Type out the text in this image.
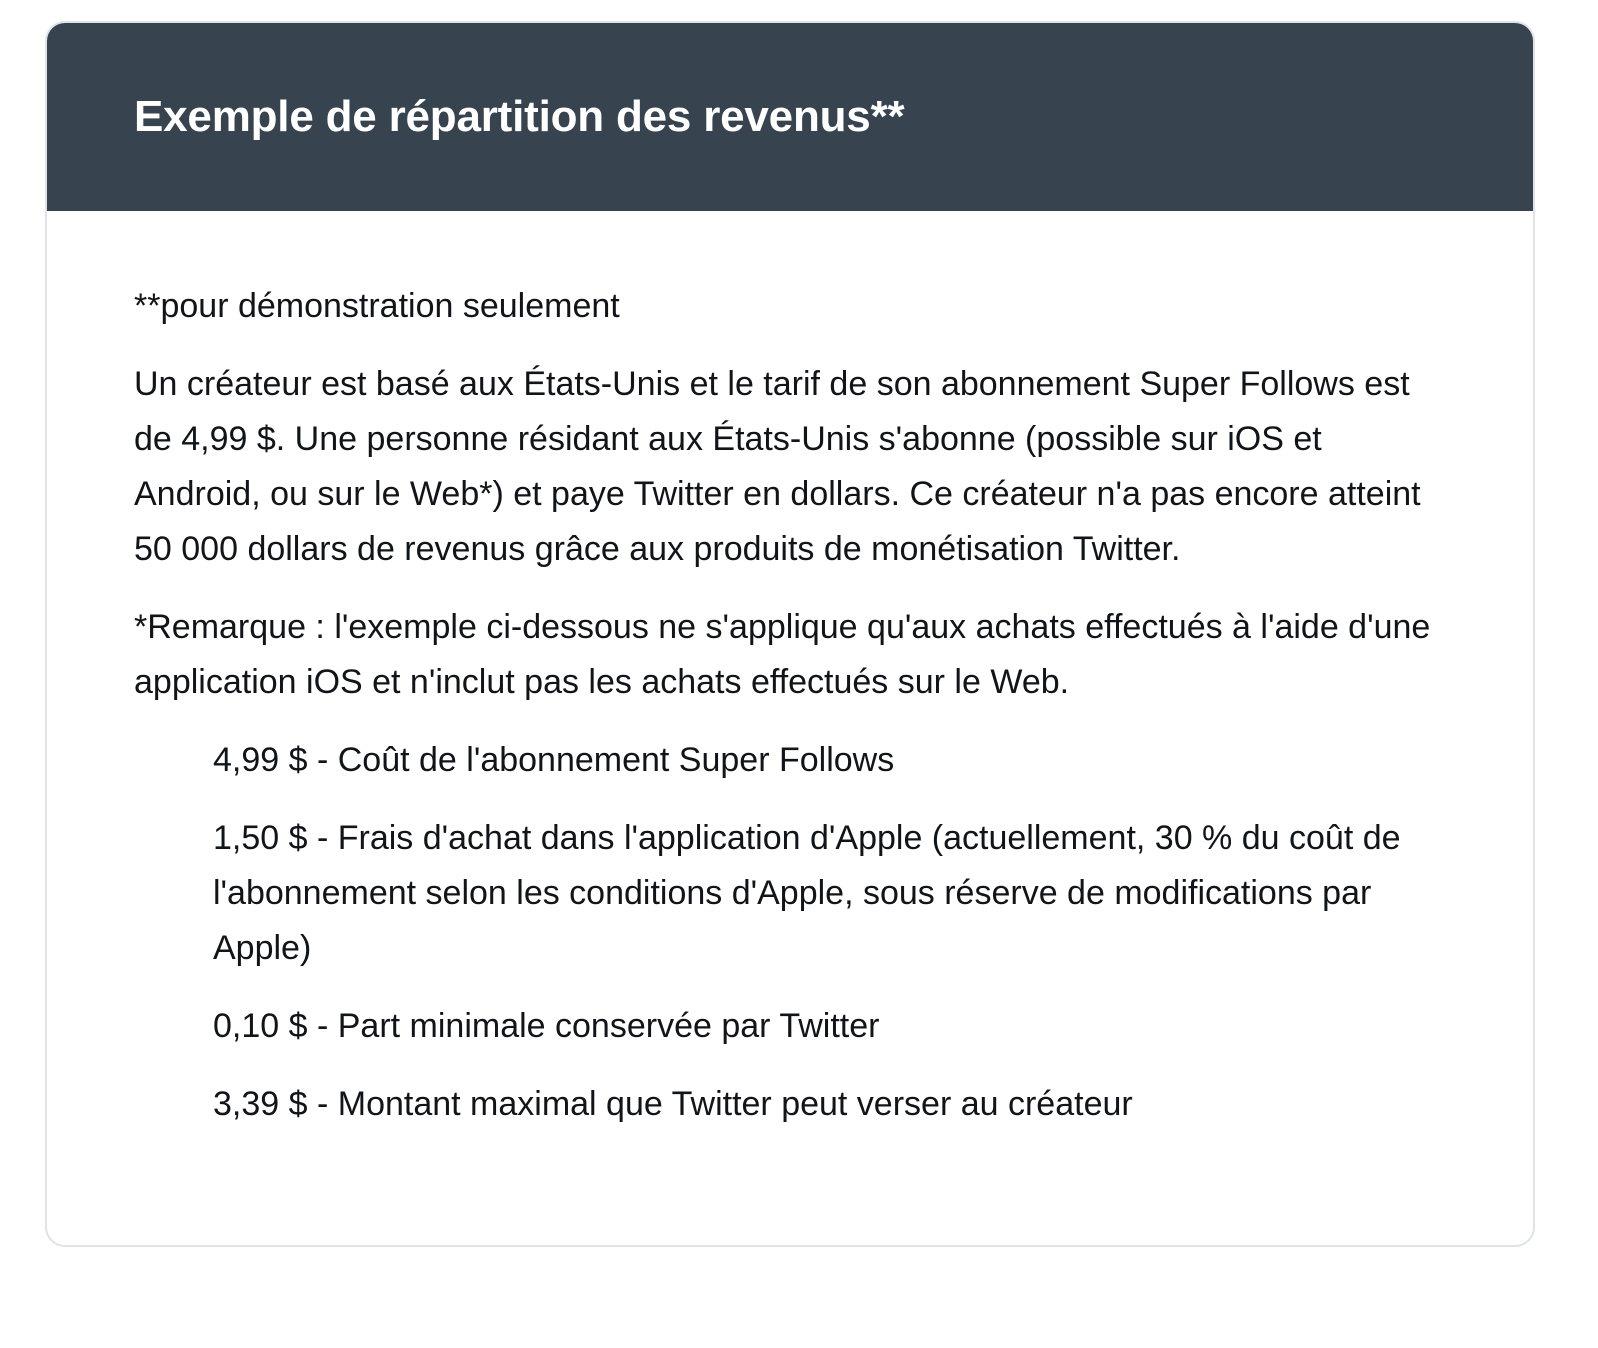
Exemple de répartition des revenus**

**pour démonstration seulement

Un créateur est basé aux États-Unis et le tarif de son abonnement Super Follows est de 4,99 $. Une personne résidant aux États-Unis s'abonne (possible sur iOS et Android, ou sur le Web*) et paye Twitter en dollars. Ce créateur n'a pas encore atteint 50 000 dollars de revenus grâce aux produits de monétisation Twitter.

*Remarque : l'exemple ci-dessous ne s'applique qu'aux achats effectués à l'aide d'une application iOS et n'inclut pas les achats effectués sur le Web.

4,99 $ - Coût de l'abonnement Super Follows
1,50 $ - Frais d'achat dans l'application d'Apple (actuellement, 30 % du coût de l'abonnement selon les conditions d'Apple, sous réserve de modifications par Apple)
0,10 $ - Part minimale conservée par Twitter
3,39 $ - Montant maximal que Twitter peut verser au créateur
